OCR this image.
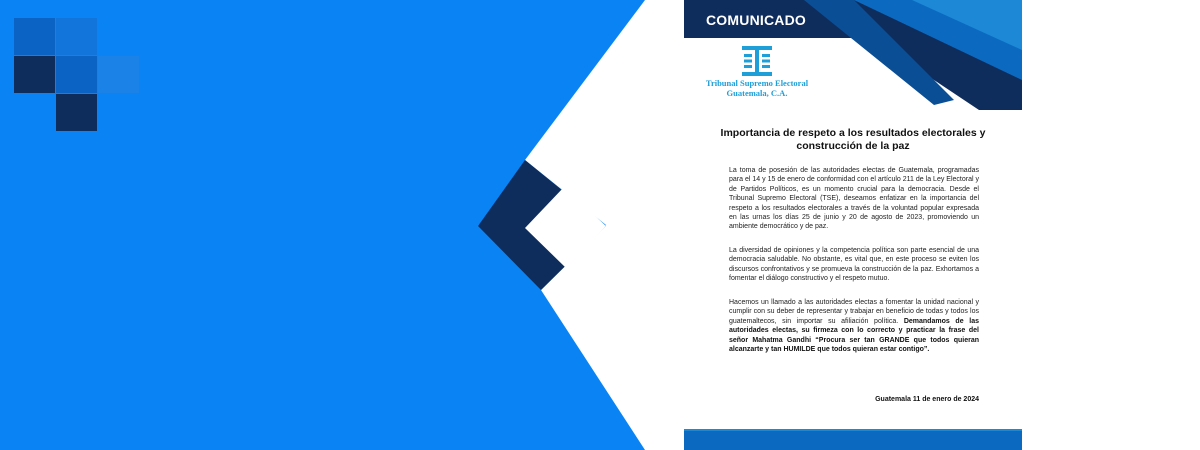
COMUNICADO
Tribunal Supremo Electoral
Guatemala, C.A.
Importancia de respeto a los resultados electorales y construcción de la paz

La toma de posesión de las autoridades electas de Guatemala, programadas para el 14 y 15 de enero de conformidad con el artículo 211 de la Ley Electoral y de Partidos Políticos, es un momento crucial para la democracia. Desde el Tribunal Supremo Electoral (TSE), deseamos enfatizar en la importancia del respeto a los resultados electorales a través de la voluntad popular expresada en las urnas los días 25 de junio y 20 de agosto de 2023, promoviendo un ambiente democrático y de paz.

La diversidad de opiniones y la competencia política son parte esencial de una democracia saludable. No obstante, es vital que, en este proceso se eviten los discursos confrontativos y se promueva la construcción de la paz. Exhortamos a fomentar el diálogo constructivo y el respeto mutuo.

Hacemos un llamado a las autoridades electas a fomentar la unidad nacional y cumplir con su deber de representar y trabajar en beneficio de todas y todos los guatemaltecos, sin importar su afiliación política. Demandamos de las autoridades electas, su firmeza con lo correcto y practicar la frase del señor Mahatma Gandhi “Procura ser tan GRANDE que todos quieran alcanzarte y tan HUMILDE que todos quieran estar contigo”.

Guatemala 11 de enero de 2024
